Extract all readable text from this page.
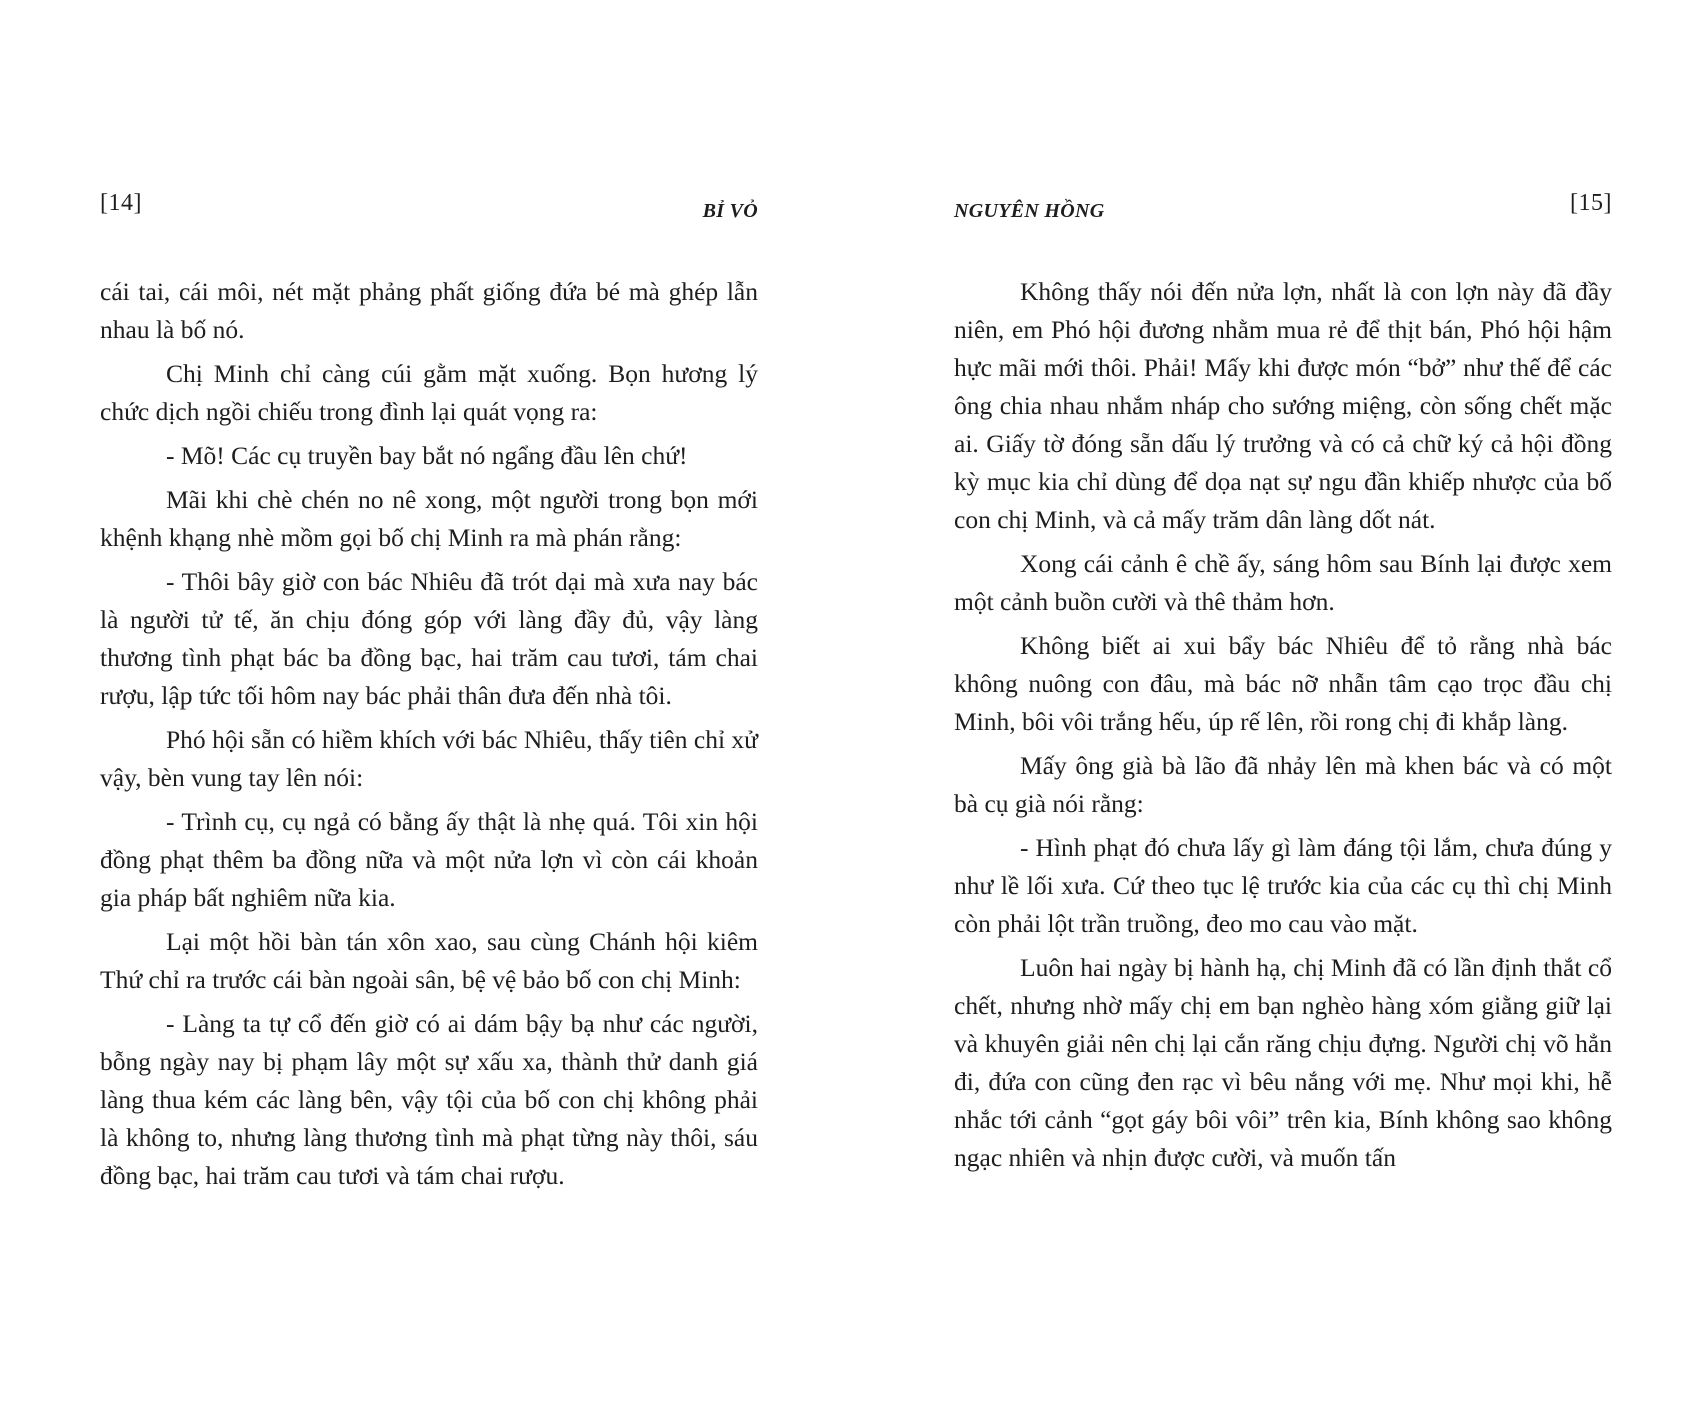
[14]	BỈ VỎ

cái tai, cái môi, nét mặt phảng phất giống đứa bé mà ghép lẫn nhau là bố nó.

Chị Minh chỉ càng cúi gằm mặt xuống. Bọn hương lý chức dịch ngồi chiếu trong đình lại quát vọng ra:

- Mõ! Các cụ truyền bay bắt nó ngẩng đầu lên chứ!

Mãi khi chè chén no nê xong, một người trong bọn mới khệnh khạng nhè mồm gọi bố chị Minh ra mà phán rằng:

- Thôi bây giờ con bác Nhiêu đã trót dại mà xưa nay bác là người tử tế, ăn chịu đóng góp với làng đầy đủ, vậy làng thương tình phạt bác ba đồng bạc, hai trăm cau tươi, tám chai rượu, lập tức tối hôm nay bác phải thân đưa đến nhà tôi.

Phó hội sẵn có hiềm khích với bác Nhiêu, thấy tiên chỉ xử vậy, bèn vung tay lên nói:

- Trình cụ, cụ ngả có bằng ấy thật là nhẹ quá. Tôi xin hội đồng phạt thêm ba đồng nữa và một nửa lợn vì còn cái khoản gia pháp bất nghiêm nữa kia.

Lại một hồi bàn tán xôn xao, sau cùng Chánh hội kiêm Thứ chỉ ra trước cái bàn ngoài sân, bệ vệ bảo bố con chị Minh:

- Làng ta tự cổ đến giờ có ai dám bậy bạ như các người, bỗng ngày nay bị phạm lây một sự xấu xa, thành thử danh giá làng thua kém các làng bên, vậy tội của bố con chị không phải là không to, nhưng làng thương tình mà phạt từng này thôi, sáu đồng bạc, hai trăm cau tươi và tám chai rượu.

NGUYÊN HỒNG	[15]

Không thấy nói đến nửa lợn, nhất là con lợn này đã đầy niên, em Phó hội đương nhằm mua rẻ để thịt bán, Phó hội hậm hực mãi mới thôi. Phải! Mấy khi được món “bở” như thế để các ông chia nhau nhắm nháp cho sướng miệng, còn sống chết mặc ai. Giấy tờ đóng sẵn dấu lý trưởng và có cả chữ ký cả hội đồng kỳ mục kia chỉ dùng để dọa nạt sự ngu đần khiếp nhược của bố con chị Minh, và cả mấy trăm dân làng dốt nát.

Xong cái cảnh ê chề ấy, sáng hôm sau Bính lại được xem một cảnh buồn cười và thê thảm hơn.

Không biết ai xui bẩy bác Nhiêu để tỏ rằng nhà bác không nuông con đâu, mà bác nỡ nhẫn tâm cạo trọc đầu chị Minh, bôi vôi trắng hếu, úp rế lên, rồi rong chị đi khắp làng.

Mấy ông già bà lão đã nhảy lên mà khen bác và có một bà cụ già nói rằng:

- Hình phạt đó chưa lấy gì làm đáng tội lắm, chưa đúng y như lề lối xưa. Cứ theo tục lệ trước kia của các cụ thì chị Minh còn phải lột trần truồng, đeo mo cau vào mặt.

Luôn hai ngày bị hành hạ, chị Minh đã có lần định thắt cổ chết, nhưng nhờ mấy chị em bạn nghèo hàng xóm giằng giữ lại và khuyên giải nên chị lại cắn răng chịu đựng. Người chị võ hẳn đi, đứa con cũng đen rạc vì bêu nắng với mẹ. Như mọi khi, hễ nhắc tới cảnh “gọt gáy bôi vôi” trên kia, Bính không sao không ngạc nhiên và nhịn được cười, và muốn tấn
